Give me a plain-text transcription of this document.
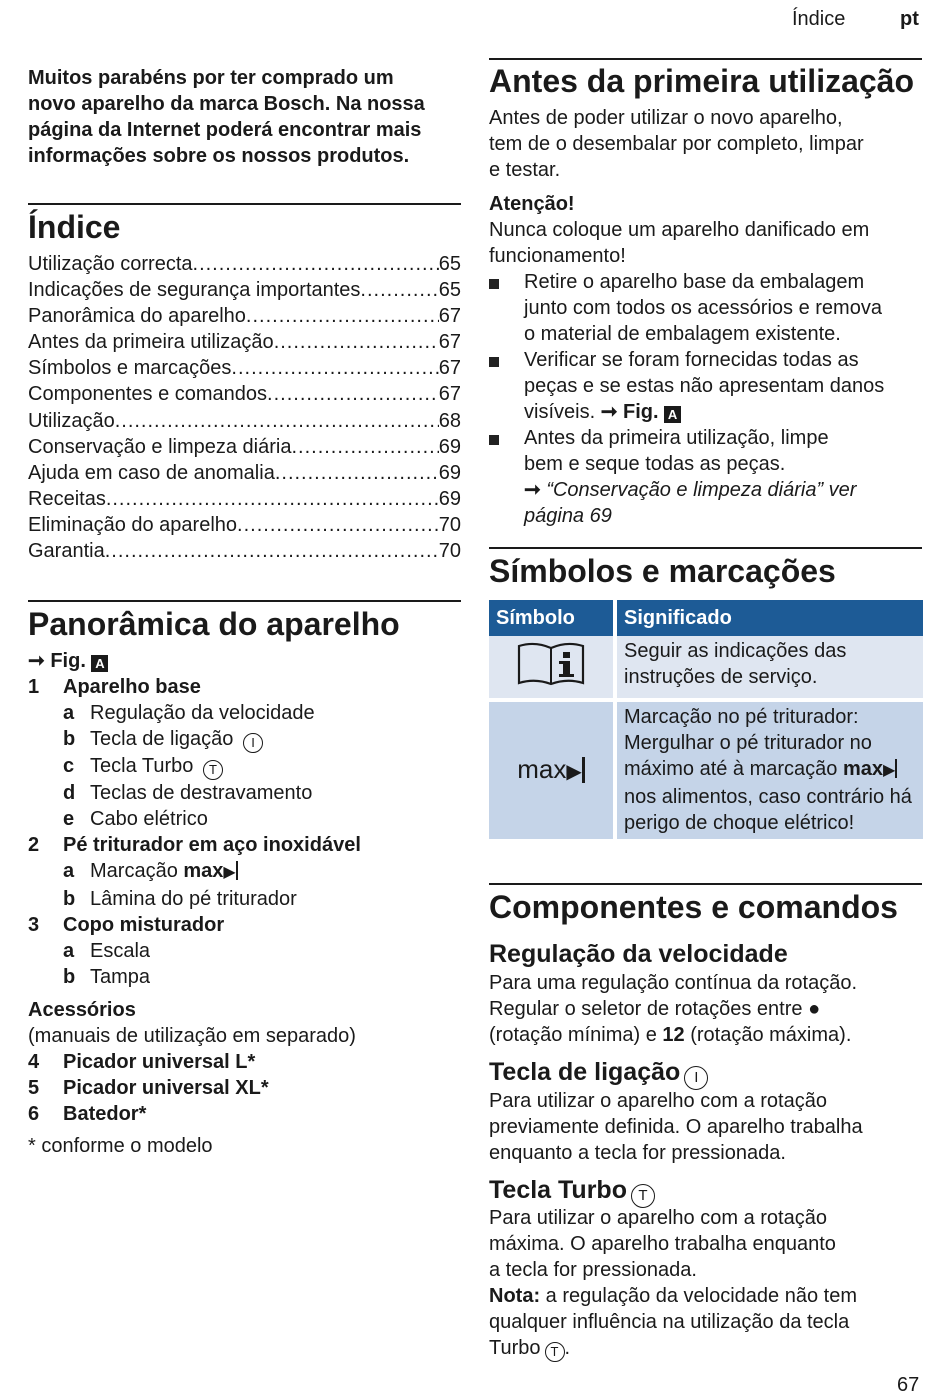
Índice	pt
Muitos parabéns por ter comprado um
novo aparelho da marca Bosch. Na nossa
página da Internet poderá encontrar mais
informações sobre os nossos produtos.
Índice
Utilização correcta .....	65
Indicações de segurança importantes .....	65
Panorâmica do aparelho .....	67
Antes da primeira utilização .....	67
Símbolos e marcações .....	67
Componentes e comandos .....	67
Utilização .....	68
Conservação e limpeza diária .....	69
Ajuda em caso de anomalia .....	69
Receitas .....	69
Eliminação do aparelho .....	70
Garantia .....	70
Panorâmica do aparelho
➞ Fig. A
1 Aparelho base
a Regulação da velocidade
b Tecla de ligação I
c Tecla Turbo T
d Teclas de destravamento
e Cabo elétrico
2 Pé triturador em aço inoxidável
a Marcação max▶
b Lâmina do pé triturador
3 Copo misturador
a Escala
b Tampa
Acessórios
(manuais de utilização em separado)
4 Picador universal L*
5 Picador universal XL*
6 Batedor*
* conforme o modelo
Antes da primeira utilização
Antes de poder utilizar o novo aparelho,
tem de o desembalar por completo, limpar
e testar.
Atenção!
Nunca coloque um aparelho danificado em
funcionamento!
Retire o aparelho base da embalagem
junto com todos os acessórios e remova
o material de embalagem existente.
Verificar se foram fornecidas todas as
peças e se estas não apresentam danos
visíveis. ➞ Fig. A
Antes da primeira utilização, limpe
bem e seque todas as peças.
➞ “Conservação e limpeza diária” ver
página 69
Símbolos e marcações
Símbolo	Significado
	Seguir as indicações das instruções de serviço.
max▶	Marcação no pé triturador: Mergulhar o pé triturador no máximo até à marcação max▶ nos alimentos, caso contrário há perigo de choque elétrico!
Componentes e comandos
Regulação da velocidade
Para uma regulação contínua da rotação.
Regular o seletor de rotações entre ●
(rotação mínima) e 12 (rotação máxima).
Tecla de ligação I
Para utilizar o aparelho com a rotação
previamente definida. O aparelho trabalha
enquanto a tecla for pressionada.
Tecla Turbo T
Para utilizar o aparelho com a rotação
máxima. O aparelho trabalha enquanto
a tecla for pressionada.
Nota: a regulação da velocidade não tem
qualquer influência na utilização da tecla
Turbo T .
67
